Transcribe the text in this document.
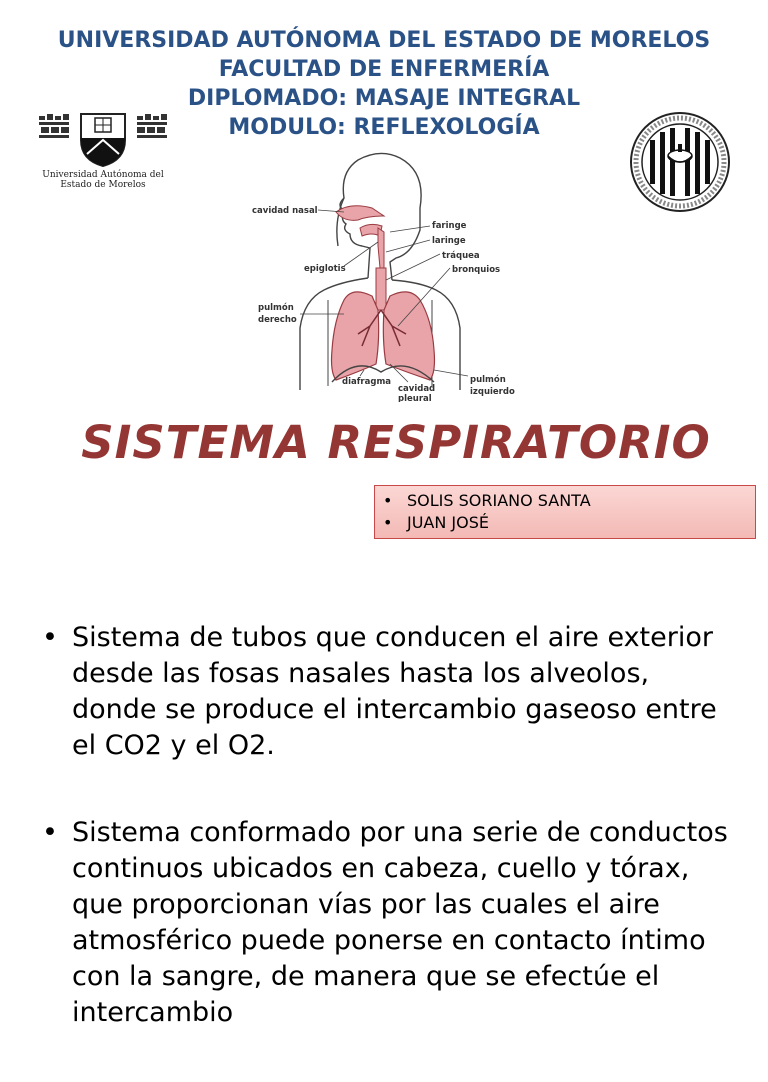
UNIVERSIDAD AUTÓNOMA DEL ESTADO DE MORELOS
FACULTAD DE ENFERMERÍA
DIPLOMADO: MASAJE INTEGRAL
MODULO: REFLEXOLOGÍA
Universidad Autónoma del
Estado de Morelos
cavidad nasal
faringe
laringe
tráquea
bronquios
epiglotis
pulmón
derecho
diafragma
cavidad
pleural
pulmón
izquierdo
SISTEMA RESPIRATORIO
• SOLIS SORIANO SANTA
• JUAN JOSÉ
• Sistema de tubos que conducen el aire exterior desde las fosas nasales hasta los alveolos, donde se produce el intercambio gaseoso entre el CO2 y el O2.
• Sistema conformado por una serie de conductos continuos ubicados en cabeza, cuello y tórax, que proporcionan vías por las cuales el aire atmosférico puede ponerse en contacto íntimo con la sangre, de manera que se efectúe el intercambio
